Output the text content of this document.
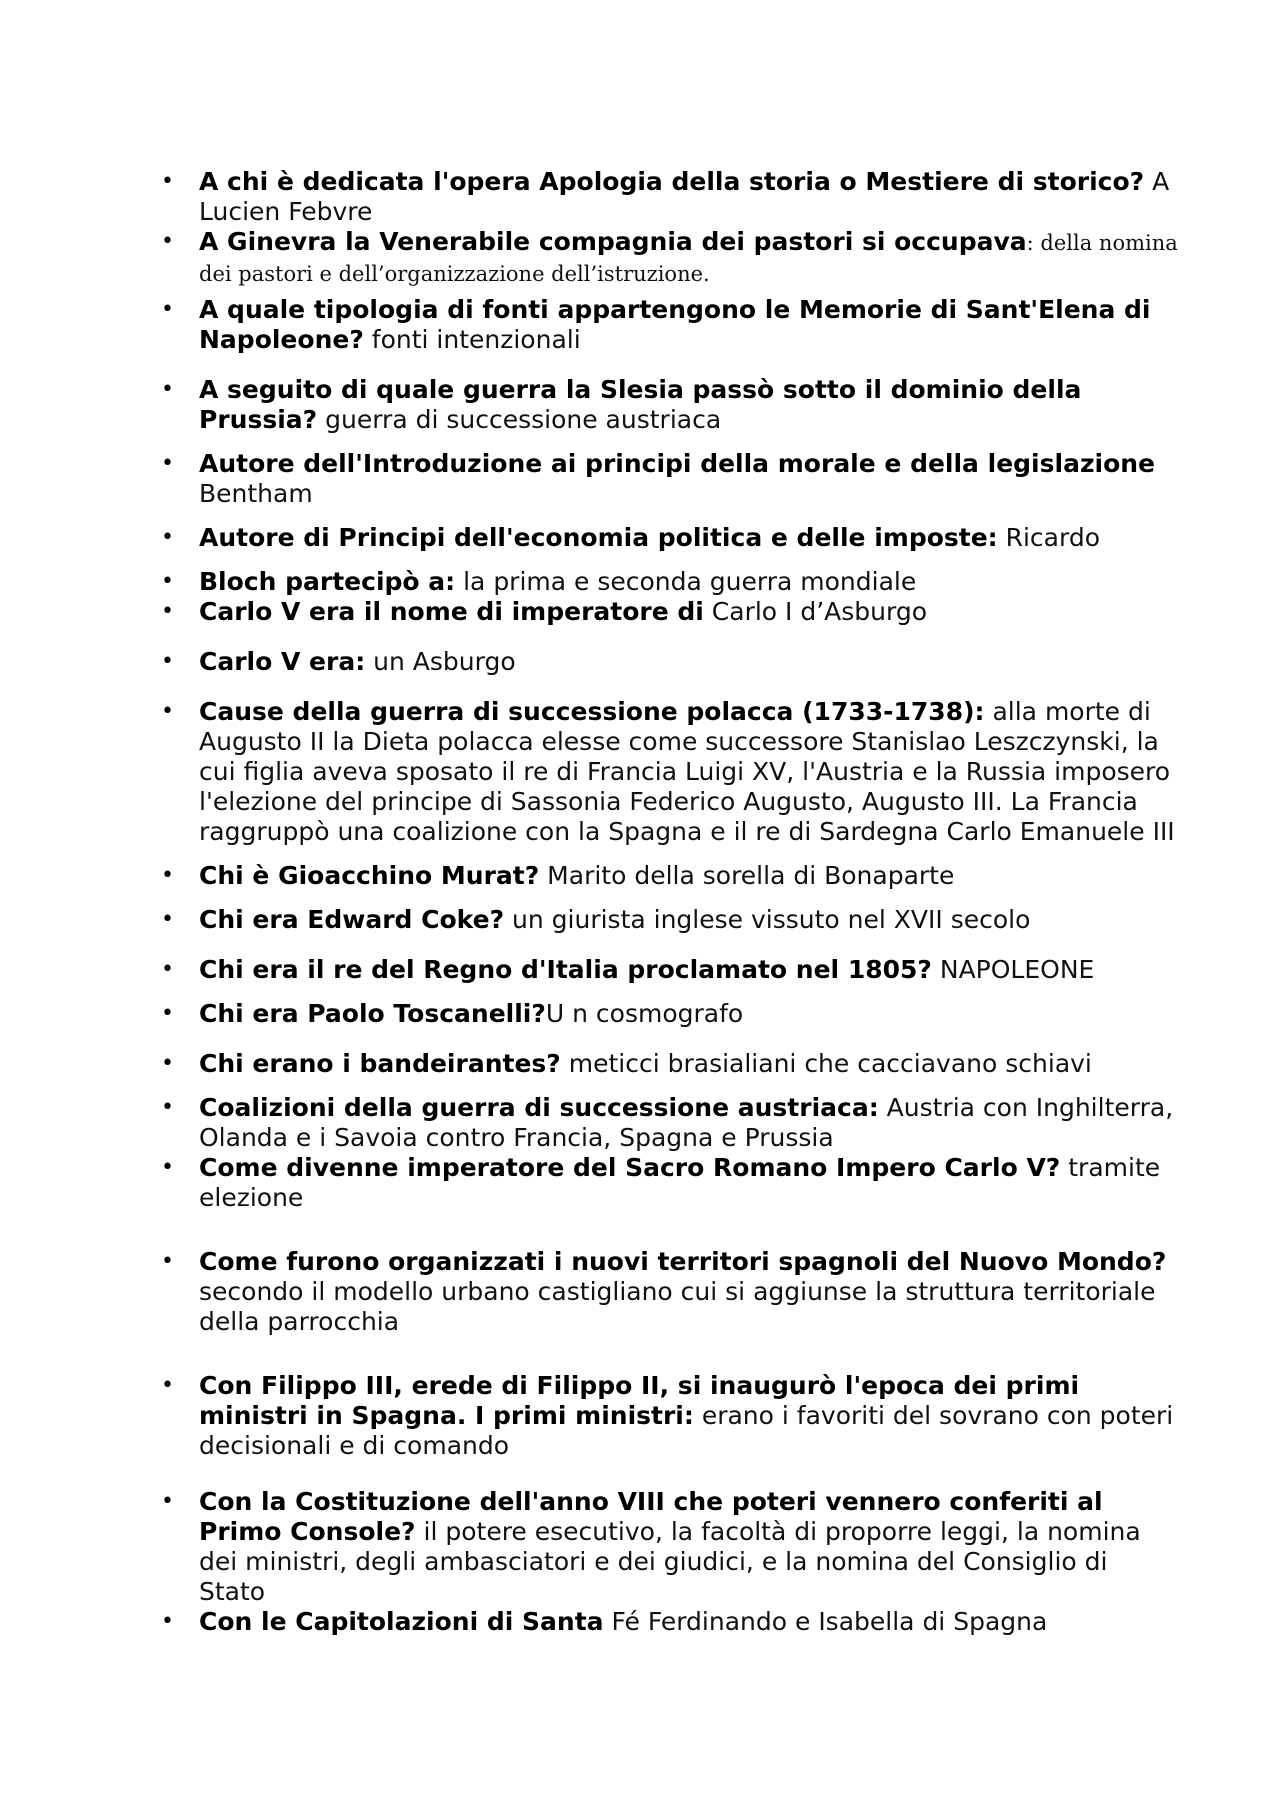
• A chi è dedicata l'opera Apologia della storia o Mestiere di storico? A Lucien Febvre
• A Ginevra la Venerabile compagnia dei pastori si occupava: della nomina dei pastori e dell’organizzazione dell’istruzione.
• A quale tipologia di fonti appartengono le Memorie di Sant'Elena di Napoleone? fonti intenzionali
• A seguito di quale guerra la Slesia passò sotto il dominio della Prussia? guerra di successione austriaca
• Autore dell'Introduzione ai principi della morale e della legislazione Bentham
• Autore di Principi dell'economia politica e delle imposte: Ricardo
• Bloch partecipò a: la prima e seconda guerra mondiale
• Carlo V era il nome di imperatore di Carlo I d’Asburgo
• Carlo V era: un Asburgo
• Cause della guerra di successione polacca (1733-1738): alla morte di Augusto II la Dieta polacca elesse come successore Stanislao Leszczynski, la cui figlia aveva sposato il re di Francia Luigi XV, l'Austria e la Russia imposero l'elezione del principe di Sassonia Federico Augusto, Augusto III. La Francia raggruppò una coalizione con la Spagna e il re di Sardegna Carlo Emanuele III
• Chi è Gioacchino Murat? Marito della sorella di Bonaparte
• Chi era Edward Coke? un giurista inglese vissuto nel XVII secolo
• Chi era il re del Regno d'Italia proclamato nel 1805? NAPOLEONE
• Chi era Paolo Toscanelli?U n cosmografo
• Chi erano i bandeirantes? meticci brasialiani che cacciavano schiavi
• Coalizioni della guerra di successione austriaca: Austria con Inghilterra, Olanda e i Savoia contro Francia, Spagna e Prussia
• Come divenne imperatore del Sacro Romano Impero Carlo V? tramite elezione
• Come furono organizzati i nuovi territori spagnoli del Nuovo Mondo? secondo il modello urbano castigliano cui si aggiunse la struttura territoriale della parrocchia
• Con Filippo III, erede di Filippo II, si inaugurò l'epoca dei primi ministri in Spagna. I primi ministri: erano i favoriti del sovrano con poteri decisionali e di comando
• Con la Costituzione dell'anno VIII che poteri vennero conferiti al Primo Console? il potere esecutivo, la facoltà di proporre leggi, la nomina dei ministri, degli ambasciatori e dei giudici, e la nomina del Consiglio di Stato
• Con le Capitolazioni di Santa Fé Ferdinando e Isabella di Spagna
